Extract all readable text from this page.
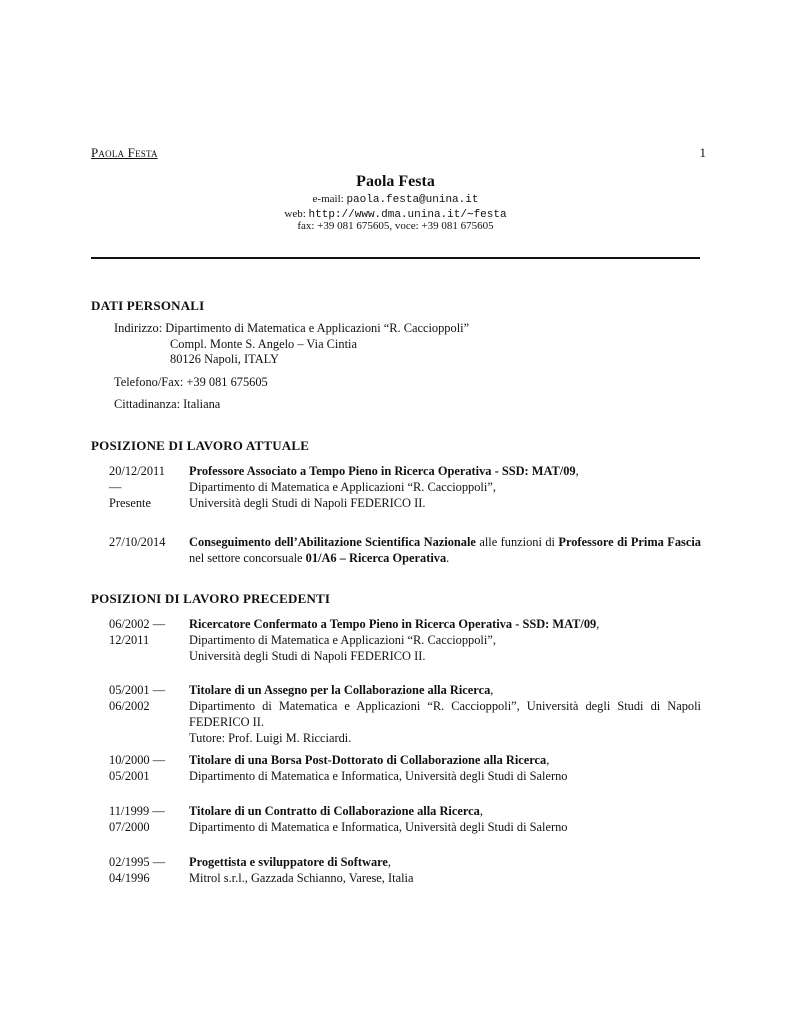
Paola Festa	1
Paola Festa
e-mail: paola.festa@unina.it
web: http://www.dma.unina.it/∼festa
fax: +39 081 675605, voce: +39 081 675605
DATI PERSONALI
Indirizzo: Dipartimento di Matematica e Applicazioni “R. Caccioppoli”
Compl. Monte S. Angelo – Via Cintia
80126 Napoli, ITALY
Telefono/Fax: +39 081 675605
Cittadinanza: Italiana
POSIZIONE DI LAVORO ATTUALE
20/12/2011
—
Presente
Professore Associato a Tempo Pieno in Ricerca Operativa - SSD: MAT/09,
Dipartimento di Matematica e Applicazioni “R. Caccioppoli”,
Università degli Studi di Napoli FEDERICO II.
27/10/2014 Conseguimento dell’Abilitazione Scientifica Nazionale alle funzioni di Professore di Prima Fascia nel settore concorsuale 01/A6 – Ricerca Operativa.
POSIZIONI DI LAVORO PRECEDENTI
06/2002 —
12/2011
Ricercatore Confermato a Tempo Pieno in Ricerca Operativa - SSD: MAT/09,
Dipartimento di Matematica e Applicazioni “R. Caccioppoli”,
Università degli Studi di Napoli FEDERICO II.
05/2001 —
06/2002
Titolare di un Assegno per la Collaborazione alla Ricerca,
Dipartimento di Matematica e Applicazioni “R. Caccioppoli”, Università degli Studi di Napoli FEDERICO II.
Tutore: Prof. Luigi M. Ricciardi.
10/2000 —
05/2001
Titolare di una Borsa Post-Dottorato di Collaborazione alla Ricerca,
Dipartimento di Matematica e Informatica, Università degli Studi di Salerno
11/1999 —
07/2000
Titolare di un Contratto di Collaborazione alla Ricerca,
Dipartimento di Matematica e Informatica, Università degli Studi di Salerno
02/1995 —
04/1996
Progettista e sviluppatore di Software,
Mitrol s.r.l., Gazzada Schianno, Varese, Italia
